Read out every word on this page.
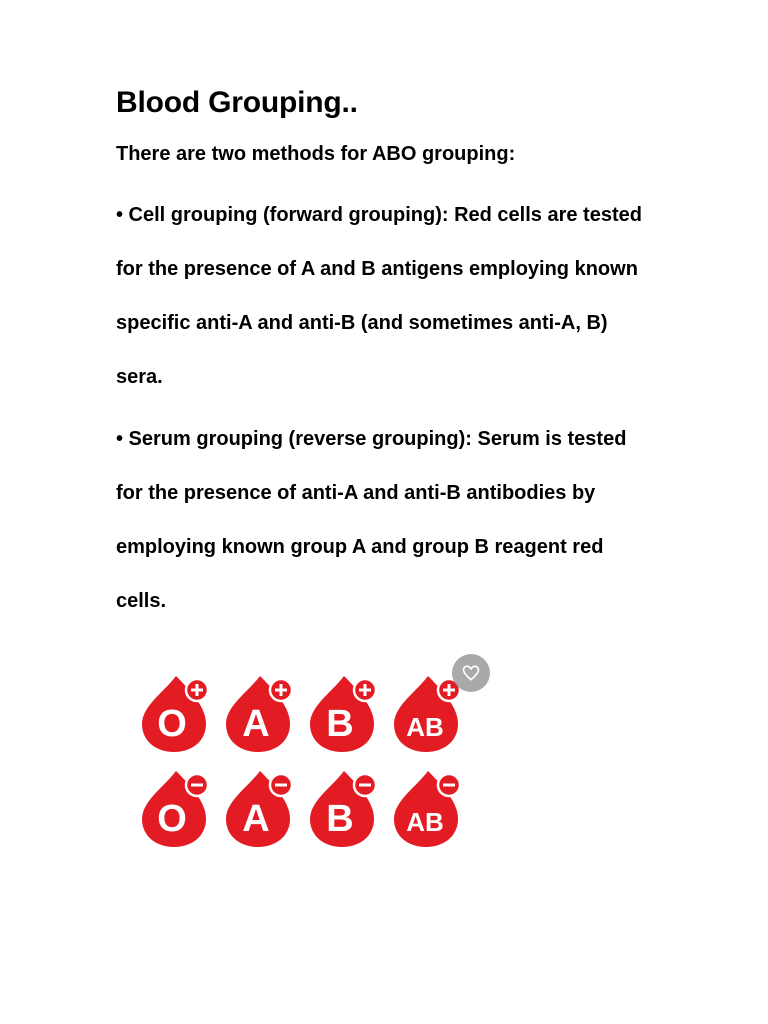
Blood Grouping..

There are two methods for ABO grouping:

• Cell grouping (forward grouping): Red cells are tested

for the presence of A and B antigens employing known

specific anti-A and anti-B (and sometimes anti-A, B)

sera.

• Serum grouping (reverse grouping): Serum is tested

for the presence of anti-A and anti-B antibodies by

employing known group A and group B reagent red

cells.

O A B AB
O A B AB
